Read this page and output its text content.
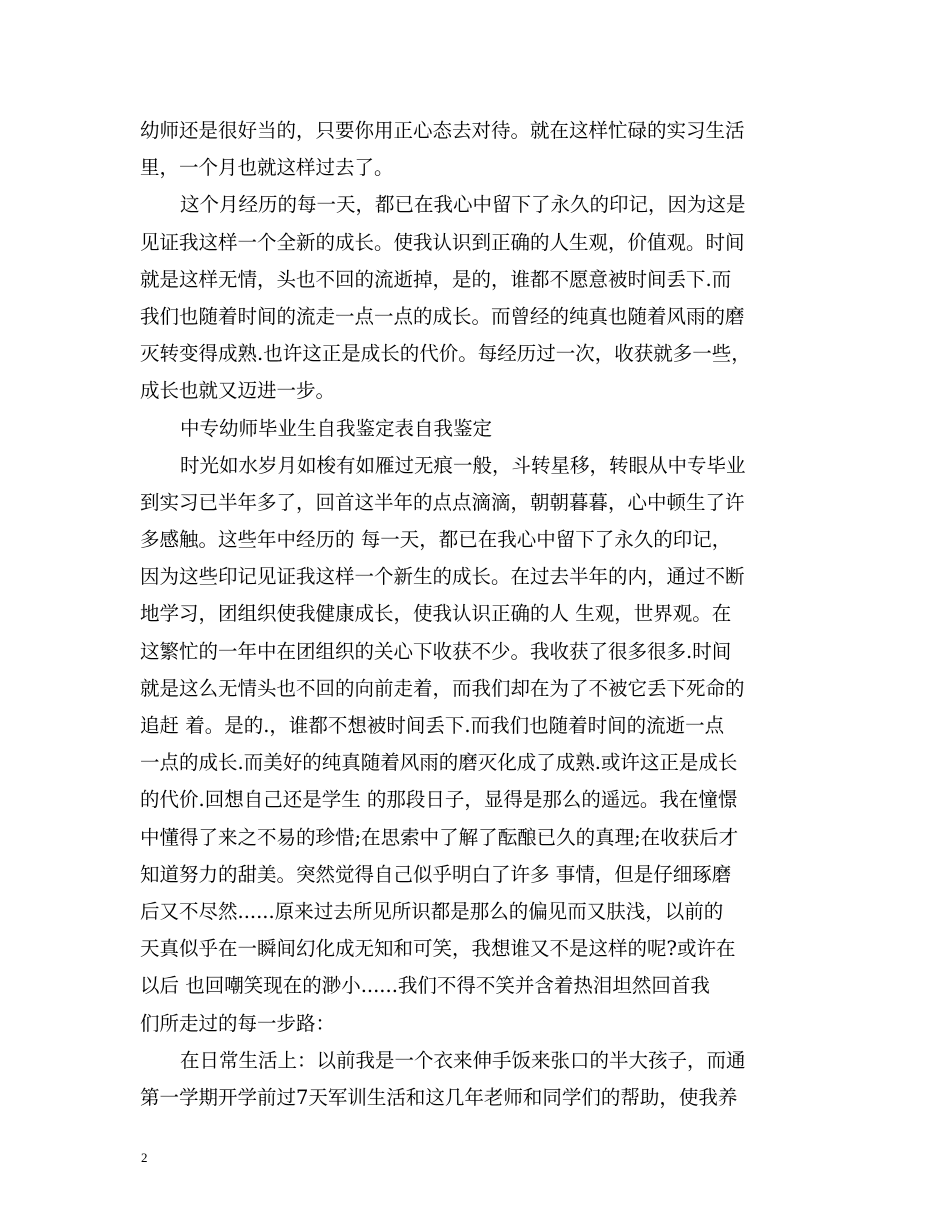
幼师还是很好当的，只要你用正心态去对待。就在这样忙碌的实习生活
里，一个月也就这样过去了。
这个月经历的每一天，都已在我心中留下了永久的印记，因为这是
见证我这样一个全新的成长。使我认识到正确的人生观，价值观。时间
就是这样无情，头也不回的流逝掉，是的，谁都不愿意被时间丢下.而
我们也随着时间的流走一点一点的成长。而曾经的纯真也随着风雨的磨
灭转变得成熟.也许这正是成长的代价。每经历过一次，收获就多一些，
成长也就又迈进一步。
中专幼师毕业生自我鉴定表自我鉴定
时光如水岁月如梭有如雁过无痕一般，斗转星移，转眼从中专毕业
到实习已半年多了，回首这半年的点点滴滴，朝朝暮暮，心中顿生了许
多感触。这些年中经历的 每一天，都已在我心中留下了永久的印记，
因为这些印记见证我这样一个新生的成长。在过去半年的内，通过不断
地学习，团组织使我健康成长，使我认识正确的人 生观，世界观。在
这繁忙的一年中在团组织的关心下收获不少。我收获了很多很多.时间
就是这么无情头也不回的向前走着，而我们却在为了不被它丢下死命的
追赶 着。是的.，谁都不想被时间丢下.而我们也随着时间的流逝一点
一点的成长.而美好的纯真随着风雨的磨灭化成了成熟.或许这正是成长
的代价.回想自己还是学生 的那段日子，显得是那么的遥远。我在憧憬
中懂得了来之不易的珍惜;在思索中了解了酝酿已久的真理;在收获后才
知道努力的甜美。突然觉得自己似乎明白了许多 事情，但是仔细琢磨
后又不尽然......原来过去所见所识都是那么的偏见而又肤浅，以前的
天真似乎在一瞬间幻化成无知和可笑，我想谁又不是这样的呢?或许在
以后 也回嘲笑现在的渺小......我们不得不笑并含着热泪坦然回首我
们所走过的每一步路：
在日常生活上：以前我是一个衣来伸手饭来张口的半大孩子，而通
第一学期开学前过7天军训生活和这几年老师和同学们的帮助，使我养
2
